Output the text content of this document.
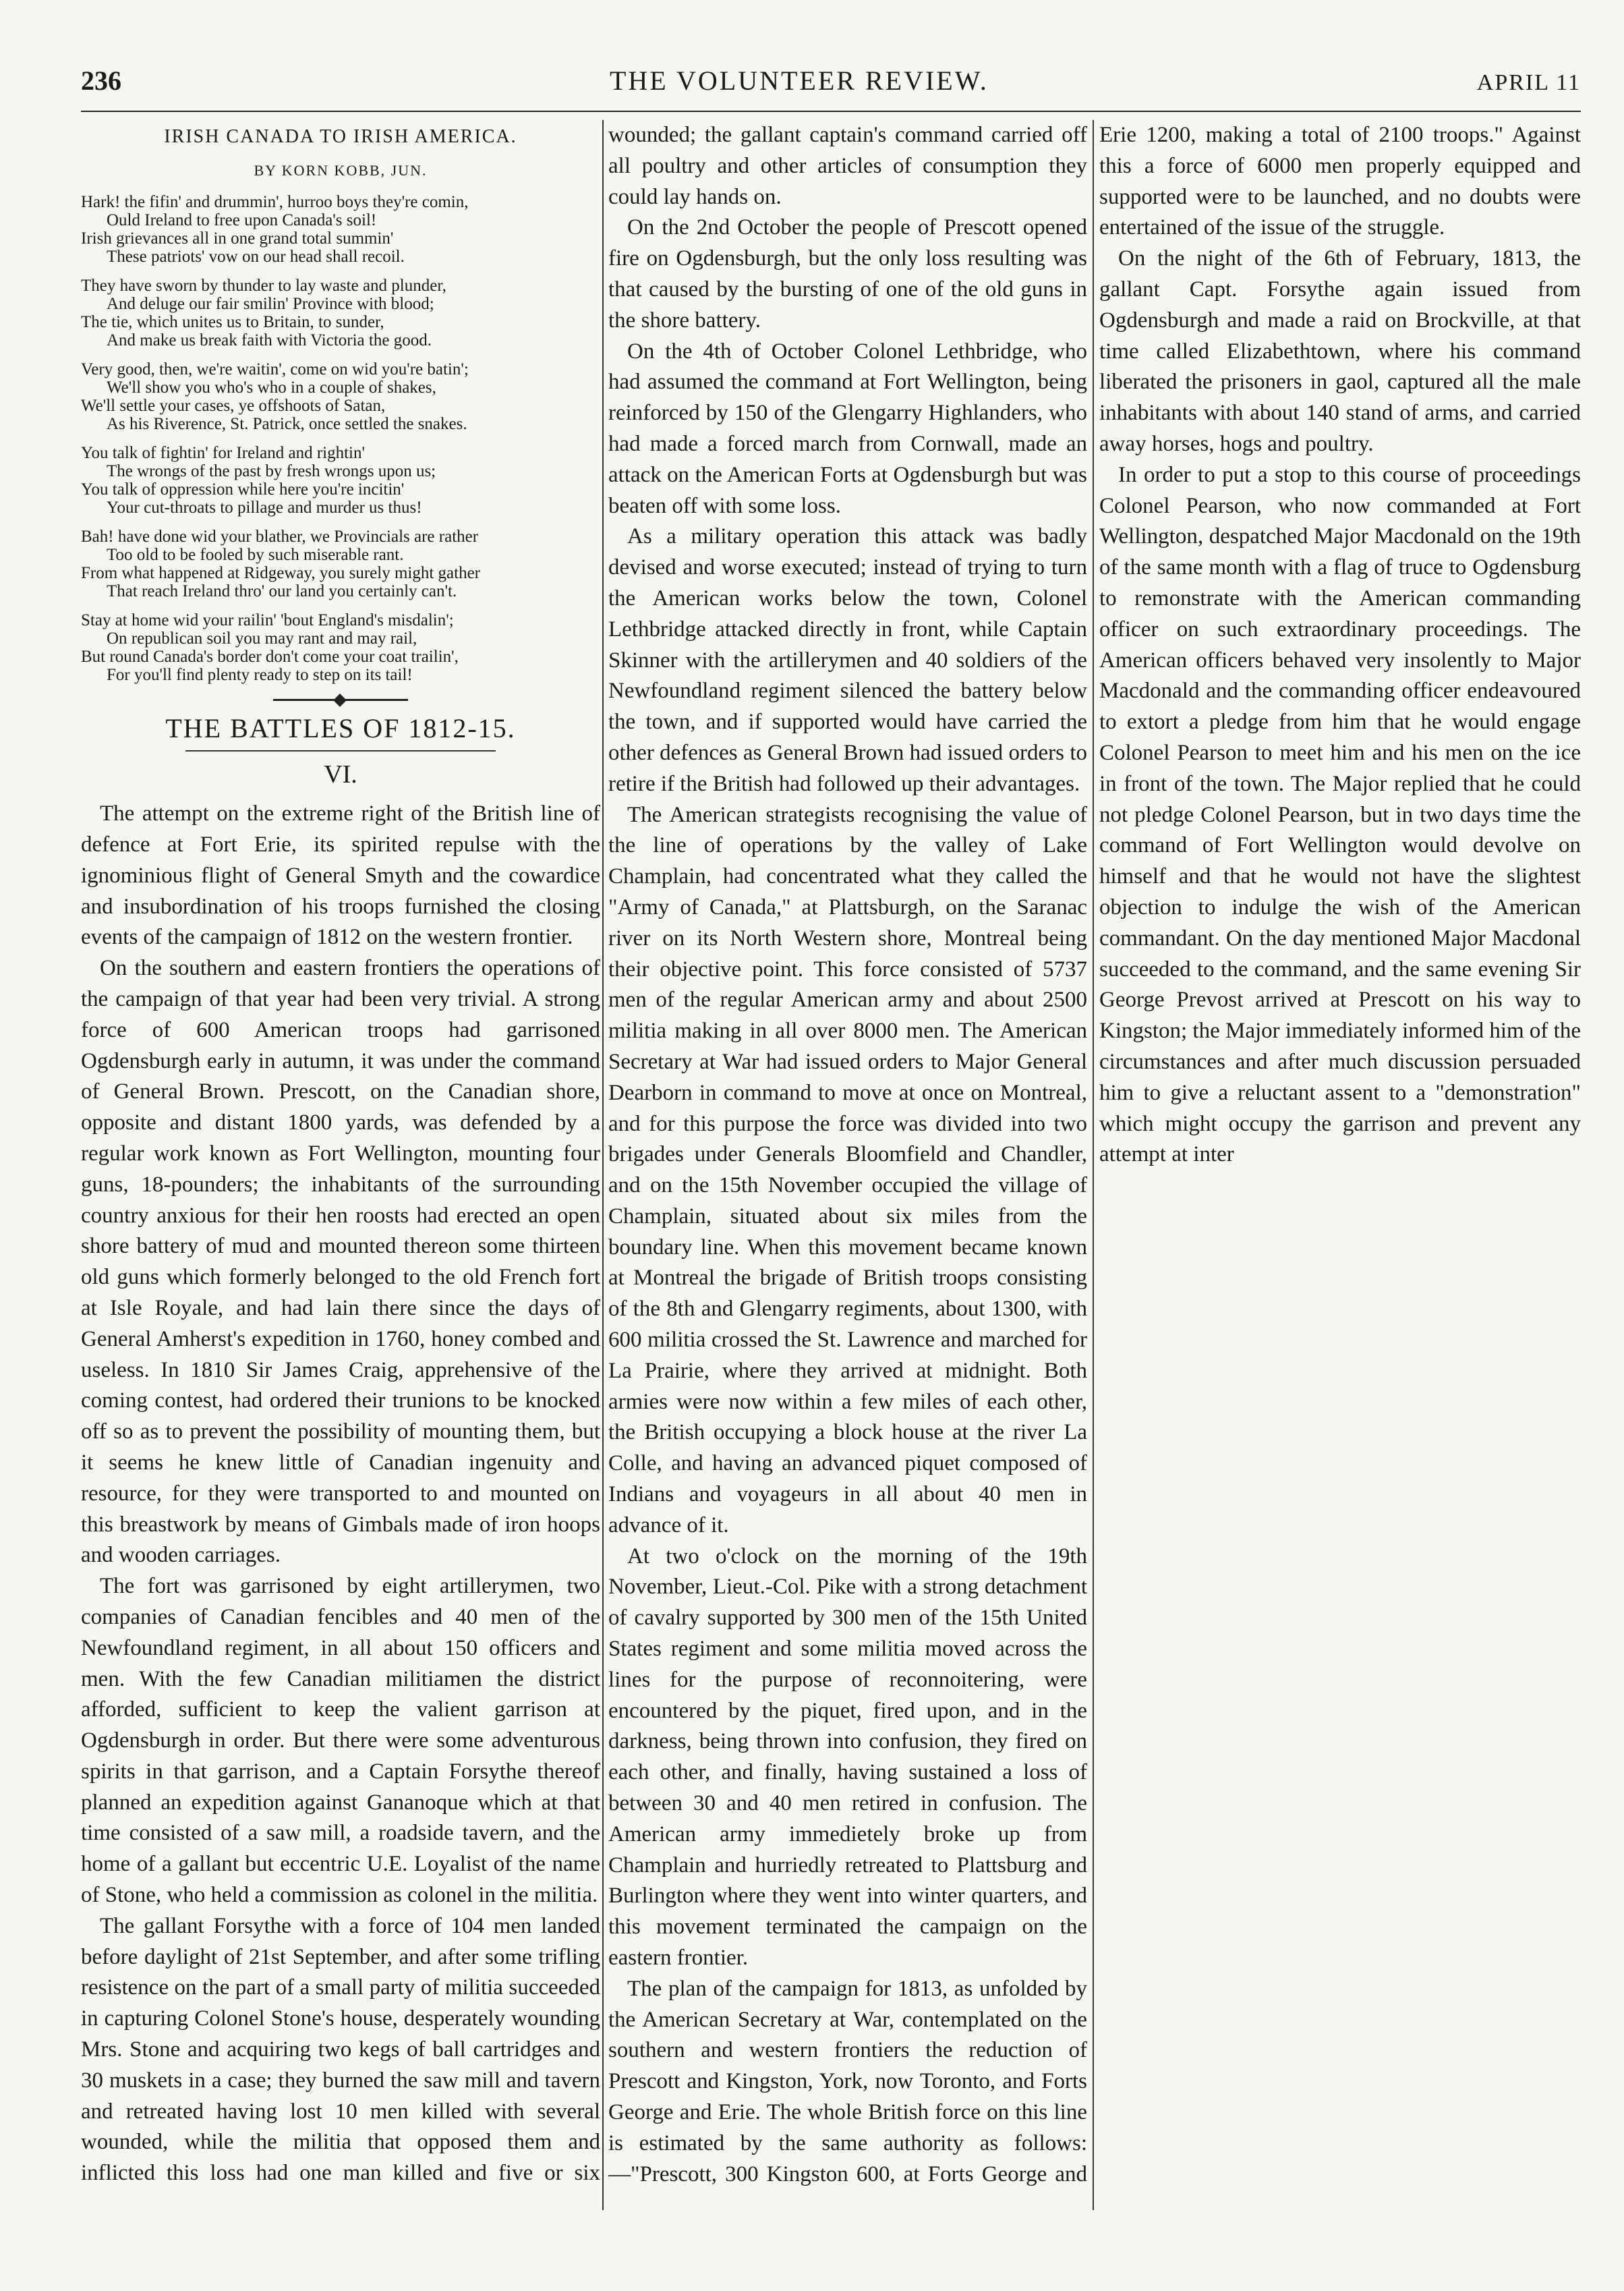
236	THE VOLUNTEER REVIEW.	APRIL 11
IRISH CANADA TO IRISH AMERICA.
BY KORN KOBB, JUN.
Hark! the fifin' and drummin', hurroo boys they're comin,
Ould Ireland to free upon Canada's soil!
Irish grievances all in one grand total summin'
These patriots' vow on our head shall recoil.
They have sworn by thunder to lay waste and plunder,
And deluge our fair smilin' Province with blood;
The tie, which unites us to Britain, to sunder,
And make us break faith with Victoria the good.
Very good, then, we're waitin', come on wid you're batin';
We'll show you who's who in a couple of shakes,
We'll settle your cases, ye offshoots of Satan,
As his Riverence, St. Patrick, once settled the snakes.
You talk of fightin' for Ireland and rightin'
The wrongs of the past by fresh wrongs upon us;
You talk of oppression while here you're incitin'
Your cut-throats to pillage and murder us thus!
Bah! have done wid your blather, we Provincials are rather
Too old to be fooled by such miserable rant.
From what happened at Ridgeway, you surely might gather
That reach Ireland thro' our land you certainly can't.
Stay at home wid your railin' 'bout England's misdalin';
On republican soil you may rant and may rail,
But round Canada's border don't come your coat trailin',
For you'll find plenty ready to step on its tail!
THE BATTLES OF 1812-15.
VI.

The attempt on the extreme right of the British line of defence at Fort Erie, its spirited repulse with the ignominious flight of General Smyth and the cowardice and insubordination of his troops furnished the closing events of the campaign of 1812 on the western frontier.

On the southern and eastern frontiers the operations of the campaign of that year had been very trivial. A strong force of 600 American troops had garrisoned Ogdensburgh early in autumn, it was under the command of General Brown. Prescott, on the Canadian shore, opposite and distant 1800 yards, was defended by a regular work known as Fort Wellington, mounting four guns, 18-pounders; the inhabitants of the surrounding country anxious for their hen roosts had erected an open shore battery of mud and mounted thereon some thirteen old guns which formerly belonged to the old French fort at Isle Royale, and had lain there since the days of General Amherst's expedition in 1760, honey combed and useless. In 1810 Sir James Craig, apprehensive of the coming contest, had ordered their trunions to be knocked off so as to prevent the possibility of mounting them, but it seems he knew little of Canadian ingenuity and resource, for they were transported to and mounted on this breastwork by means of Gimbals made of iron hoops and wooden carriages.

The fort was garrisoned by eight artillerymen, two companies of Canadian fencibles and 40 men of the Newfoundland regiment, in all about 150 officers and men. With the few Canadian militiamen the district afforded, sufficient to keep the valient garrison at Ogdensburgh in order. But there were some adventurous spirits in that garrison, and a Captain Forsythe thereof planned an expedition against Gananoque which at that time consisted of a saw mill, a roadside tavern, and the home of a gallant but eccentric U.E. Loyalist of the name of Stone, who held a commission as colonel in the militia.

The gallant Forsythe with a force of 104 men landed before daylight of 21st September, and after some trifling resistence on the part of a small party of militia succeeded in capturing Colonel Stone's house, desperately wounding Mrs. Stone and acquiring two kegs of ball cartridges and 30 muskets in a case; they burned the saw mill and tavern and retreated having lost 10 men killed with several wounded, while the militia that opposed them and inflicted this loss had one man killed and five or six

wounded; the gallant captain's command carried off all poultry and other articles of consumption they could lay hands on.

On the 2nd October the people of Prescott opened fire on Ogdensburgh, but the only loss resulting was that caused by the bursting of one of the old guns in the shore battery.

On the 4th of October Colonel Lethbridge, who had assumed the command at Fort Wellington, being reinforced by 150 of the Glengarry Highlanders, who had made a forced march from Cornwall, made an attack on the American Forts at Ogdensburgh but was beaten off with some loss.

As a military operation this attack was badly devised and worse executed; instead of trying to turn the American works below the town, Colonel Lethbridge attacked directly in front, while Captain Skinner with the artillerymen and 40 soldiers of the Newfoundland regiment silenced the battery below the town, and if supported would have carried the other defences as General Brown had issued orders to retire if the British had followed up their advantages.

The American strategists recognising the value of the line of operations by the valley of Lake Champlain, had concentrated what they called the "Army of Canada," at Plattsburgh, on the Saranac river on its North Western shore, Montreal being their objective point. This force consisted of 5737 men of the regular American army and about 2500 militia making in all over 8000 men. The American Secretary at War had issued orders to Major General Dearborn in command to move at once on Montreal, and for this purpose the force was divided into two brigades under Generals Bloomfield and Chandler, and on the 15th November occupied the village of Champlain, situated about six miles from the boundary line. When this movement became known at Montreal the brigade of British troops consisting of the 8th and Glengarry regiments, about 1300, with 600 militia crossed the St. Lawrence and marched for La Prairie, where they arrived at midnight. Both armies were now within a few miles of each other, the British occupying a block house at the river La Colle, and having an advanced piquet composed of Indians and voyageurs in all about 40 men in advance of it.

At two o'clock on the morning of the 19th November, Lieut.-Col. Pike with a strong detachment of cavalry supported by 300 men of the 15th United States regiment and some militia moved across the lines for the purpose of reconnoitering, were encountered by the piquet, fired upon, and in the darkness, being thrown into confusion, they fired on each other, and finally, having sustained a loss of between 30 and 40 men retired in confusion. The American army immedietely broke up from Champlain and hurriedly retreated to Plattsburg and Burlington where they went into winter quarters, and this movement terminated the campaign on the eastern frontier.

The plan of the campaign for 1813, as unfolded by the American Secretary at War, contemplated on the southern and western frontiers the reduction of Prescott and Kingston, York, now Toronto, and Forts George and Erie. The whole British force on this line is estimated by the same authority as follows:—"Prescott, 300 Kingston 600, at Forts George and

Erie 1200, making a total of 2100 troops." Against this a force of 6000 men properly equipped and supported were to be launched, and no doubts were entertained of the issue of the struggle.

On the night of the 6th of February, 1813, the gallant Capt. Forsythe again issued from Ogdensburgh and made a raid on Brockville, at that time called Elizabethtown, where his command liberated the prisoners in gaol, captured all the male inhabitants with about 140 stand of arms, and carried away horses, hogs and poultry.

In order to put a stop to this course of proceedings Colonel Pearson, who now commanded at Fort Wellington, despatched Major Macdonald on the 19th of the same month with a flag of truce to Ogdensburg to remonstrate with the American commanding officer on such extraordinary proceedings. The American officers behaved very insolently to Major Macdonald and the commanding officer endeavoured to extort a pledge from him that he would engage Colonel Pearson to meet him and his men on the ice in front of the town. The Major replied that he could not pledge Colonel Pearson, but in two days time the command of Fort Wellington would devolve on himself and that he would not have the slightest objection to indulge the wish of the American commandant. On the day mentioned Major Macdonal succeeded to the command, and the same evening Sir George Prevost arrived at Prescott on his way to Kingston; the Major immediately informed him of the circumstances and after much discussion persuaded him to give a reluctant assent to a "demonstration" which might occupy the garrison and prevent any attempt at inter
